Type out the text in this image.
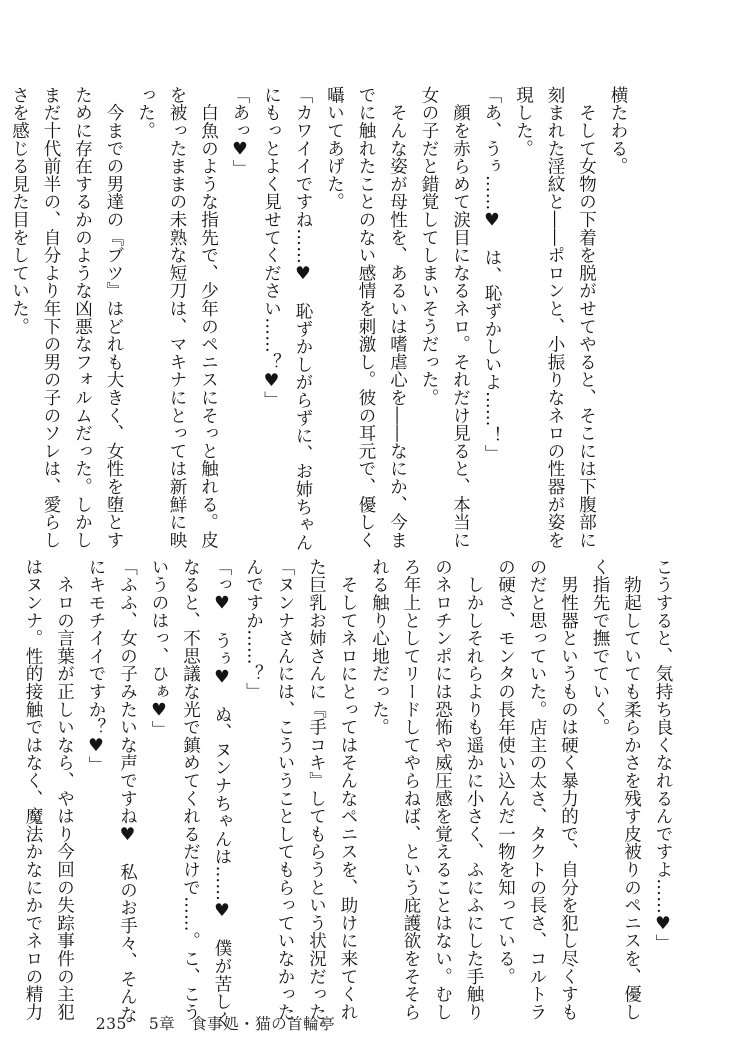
横たわる。
　そして女物の下着を脱がせてやると、そこには下腹部に
刻まれた淫紋と――ポロンと、小振りなネロの性器が姿を
現した。
「あ、うぅ……♥　は、恥ずかしいよ……！」
　顔を赤らめて涙目になるネロ。それだけ見ると、本当に
女の子だと錯覚してしまいそうだった。
　そんな姿が母性を、あるいは嗜虐心を――なにか、今ま
でに触れたことのない感情を刺激し。彼の耳元で、優しく
囁いてあげた。
「カワイイですね……♥　恥ずかしがらずに、お姉ちゃん
にもっとよく見せてください……？♥」
「あっ♥」
　白魚のような指先で、少年のペニスにそっと触れる。皮
を被ったままの未熟な短刀は、マキナにとっては新鮮に映
った。
　今までの男達の『ブツ』はどれも大きく、女性を堕とす
ために存在するかのような凶悪なフォルムだった。しかし
まだ十代前半の、自分より年下の男の子のソレは、愛らし
さを感じる見た目をしていた。
こうすると、気持ち良くなれるんですよ……♥」
　勃起していても柔らかさを残す皮被りのペニスを、優し
く指先で撫でていく。
　男性器というものは硬く暴力的で、自分を犯し尽くすも
のだと思っていた。店主の太さ、タクトの長さ、コルトラ
の硬さ、モンタの長年使い込んだ一物を知っている。
　しかしそれらよりも遥かに小さく、ふにふにした手触り
のネロチンポには恐怖や威圧感を覚えることはない。むし
ろ年上としてリードしてやらねば、という庇護欲をそそら
れる触り心地だった。
　そしてネロにとってはそんなペニスを、助けに来てくれ
た巨乳お姉さんに『手コキ』してもらうという状況だった。
「ヌンナさんには、こういうことしてもらっていなかった
んですか……？」
「っ♥　うぅ♥　ぬ、ヌンナちゃんは……♥　僕が苦しく
なると、不思議な光で鎮めてくれるだけで……。こ、こう
いうのはっ、ひぁ♥」
「ふふ、女の子みたいな声ですね♥　私のお手々、そんな
にキモチイイですか？♥」
　ネロの言葉が正しいなら、やはり今回の失踪事件の主犯
はヌンナ。性的接触ではなく、魔法かなにかでネロの精力

235 5章　食事処・猫の首輪亭
